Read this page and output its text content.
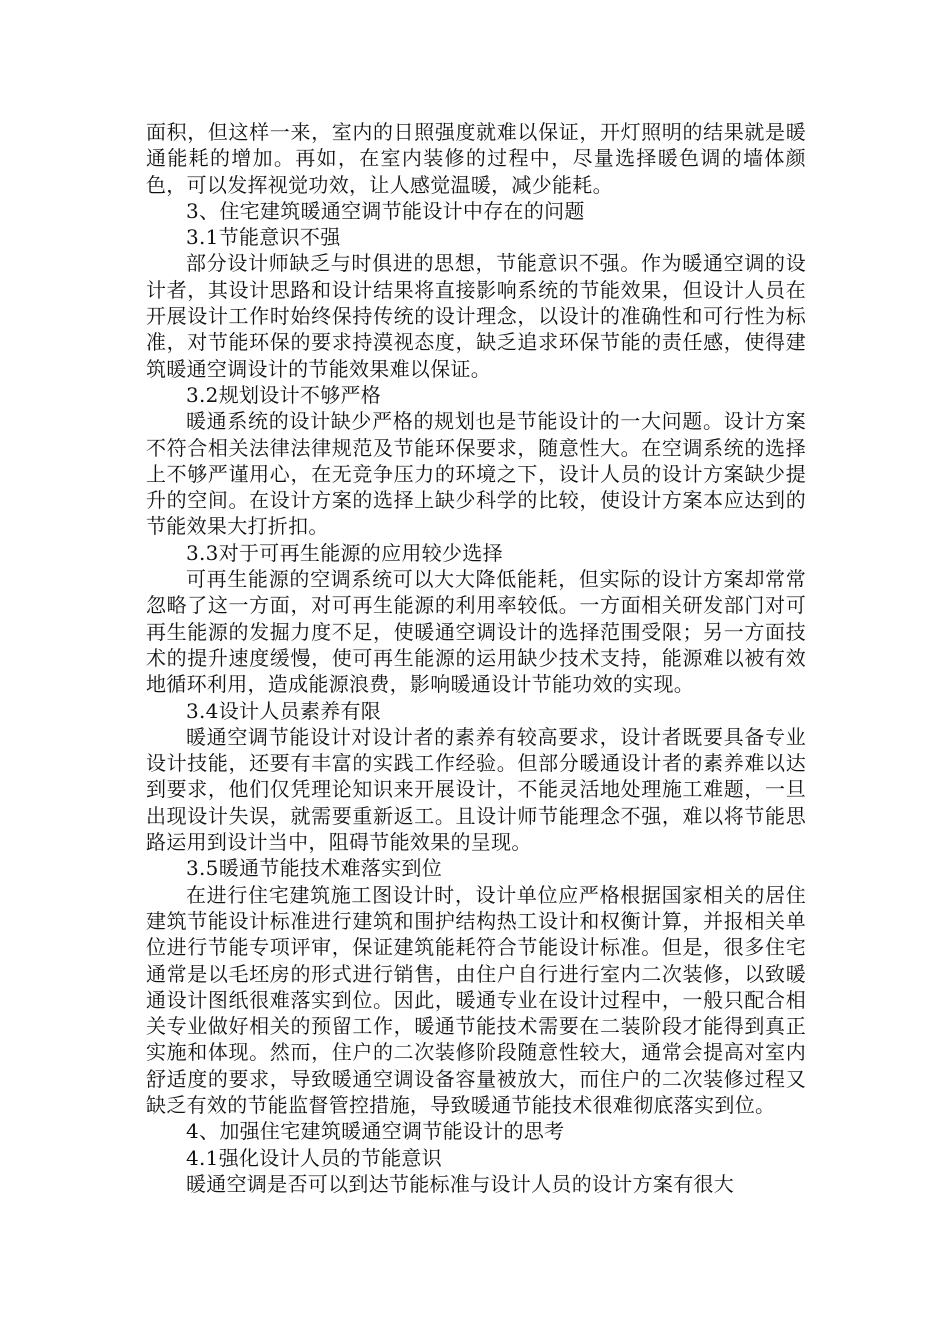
面积，但这样一来，室内的日照强度就难以保证，开灯照明的结果就是暖通能耗的增加。再如，在室内装修的过程中，尽量选择暖色调的墙体颜色，可以发挥视觉功效，让人感觉温暖，减少能耗。

3、住宅建筑暖通空调节能设计中存在的问题

3.1节能意识不强

部分设计师缺乏与时俱进的思想，节能意识不强。作为暖通空调的设计者，其设计思路和设计结果将直接影响系统的节能效果，但设计人员在开展设计工作时始终保持传统的设计理念，以设计的准确性和可行性为标准，对节能环保的要求持漠视态度，缺乏追求环保节能的责任感，使得建筑暖通空调设计的节能效果难以保证。

3.2规划设计不够严格

暖通系统的设计缺少严格的规划也是节能设计的一大问题。设计方案不符合相关法律法律规范及节能环保要求，随意性大。在空调系统的选择上不够严谨用心，在无竞争压力的环境之下，设计人员的设计方案缺少提升的空间。在设计方案的选择上缺少科学的比较，使设计方案本应达到的节能效果大打折扣。

3.3对于可再生能源的应用较少选择

可再生能源的空调系统可以大大降低能耗，但实际的设计方案却常常忽略了这一方面，对可再生能源的利用率较低。一方面相关研发部门对可再生能源的发掘力度不足，使暖通空调设计的选择范围受限；另一方面技术的提升速度缓慢，使可再生能源的运用缺少技术支持，能源难以被有效地循环利用，造成能源浪费，影响暖通设计节能功效的实现。

3.4设计人员素养有限

暖通空调节能设计对设计者的素养有较高要求，设计者既要具备专业设计技能，还要有丰富的实践工作经验。但部分暖通设计者的素养难以达到要求，他们仅凭理论知识来开展设计，不能灵活地处理施工难题，一旦出现设计失误，就需要重新返工。且设计师节能理念不强，难以将节能思路运用到设计当中，阻碍节能效果的呈现。

3.5暖通节能技术难落实到位

在进行住宅建筑施工图设计时，设计单位应严格根据国家相关的居住建筑节能设计标准进行建筑和围护结构热工设计和权衡计算，并报相关单位进行节能专项评审，保证建筑能耗符合节能设计标准。但是，很多住宅通常是以毛坯房的形式进行销售，由住户自行进行室内二次装修，以致暖通设计图纸很难落实到位。因此，暖通专业在设计过程中，一般只配合相关专业做好相关的预留工作，暖通节能技术需要在二装阶段才能得到真正实施和体现。然而，住户的二次装修阶段随意性较大，通常会提高对室内舒适度的要求，导致暖通空调设备容量被放大，而住户的二次装修过程又缺乏有效的节能监督管控措施，导致暖通节能技术很难彻底落实到位。

4、加强住宅建筑暖通空调节能设计的思考

4.1强化设计人员的节能意识

暖通空调是否可以到达节能标准与设计人员的设计方案有很大
